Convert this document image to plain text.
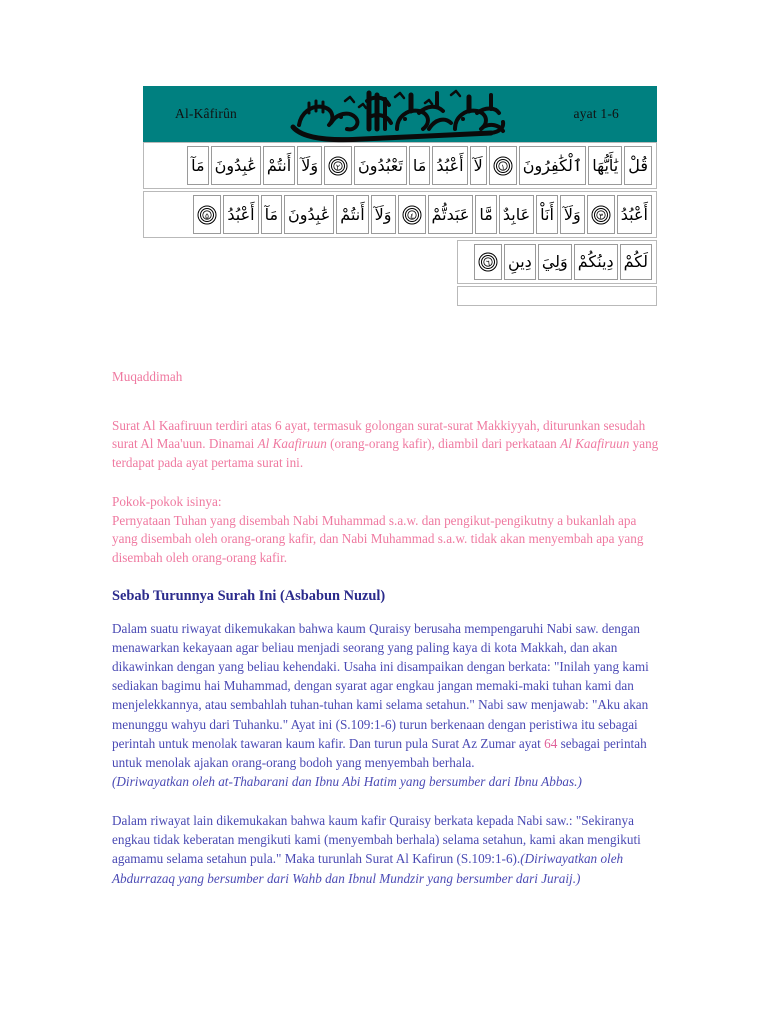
Al-Kâfirûn	ayat 1-6
قُلْ
يَٰأَيُّهَا
ٱلْكَٰفِرُونَ
١
لَآ
أَعْبُدُ
مَا
تَعْبُدُونَ
٢
وَلَآ
أَنتُمْ
عَٰبِدُونَ
مَآ
أَعْبُدُ
٣
وَلَآ
أَنَاْ
عَابِدٌ
مَّا
عَبَدتُّمْ
٤
وَلَآ
أَنتُمْ
عَٰبِدُونَ
مَآ
أَعْبُدُ
٥
لَكُمْ
دِينُكُمْ
وَلِيَ
دِينِ
٦

Muqaddimah

Surat Al Kaafiruun terdiri atas 6 ayat, termasuk golongan surat-surat Makkiyyah, diturunkan sesudah surat Al Maa'uun. Dinamai Al Kaafiruun (orang-orang kafir), diambil dari perkataan Al Kaafiruun yang terdapat pada ayat pertama surat ini.

Pokok-pokok isinya:

Pernyataan Tuhan yang disembah Nabi Muhammad s.a.w. dan pengikut-pengikutny a bukanlah apa yang disembah oleh orang-orang kafir, dan Nabi Muhammad s.a.w. tidak akan menyembah apa yang disembah oleh orang-orang kafir.

Sebab Turunnya Surah Ini (Asbabun Nuzul)

Dalam suatu riwayat dikemukakan bahwa kaum Quraisy berusaha mempengaruhi Nabi saw. dengan menawarkan kekayaan agar beliau menjadi seorang yang paling kaya di kota Makkah, dan akan dikawinkan dengan yang beliau kehendaki. Usaha ini disampaikan dengan berkata: "Inilah yang kami sediakan bagimu hai Muhammad, dengan syarat agar engkau jangan memaki-maki tuhan kami dan menjelekkannya, atau sembahlah tuhan-tuhan kami selama setahun." Nabi saw menjawab: "Aku akan menunggu wahyu dari Tuhanku." Ayat ini (S.109:1-6) turun berkenaan dengan peristiwa itu sebagai perintah untuk menolak tawaran kaum kafir. Dan turun pula Surat Az Zumar ayat 64 sebagai perintah untuk menolak ajakan orang-orang bodoh yang menyembah berhala.
(Diriwayatkan oleh at-Thabarani dan Ibnu Abi Hatim yang bersumber dari Ibnu Abbas.)

Dalam riwayat lain dikemukakan bahwa kaum kafir Quraisy berkata kepada Nabi saw.: "Sekiranya engkau tidak keberatan mengikuti kami (menyembah berhala) selama setahun, kami akan mengikuti agamamu selama setahun pula." Maka turunlah Surat Al Kafirun (S.109:1-6).(Diriwayatkan oleh Abdurrazaq yang bersumber dari Wahb dan Ibnul Mundzir yang bersumber dari Juraij.)
